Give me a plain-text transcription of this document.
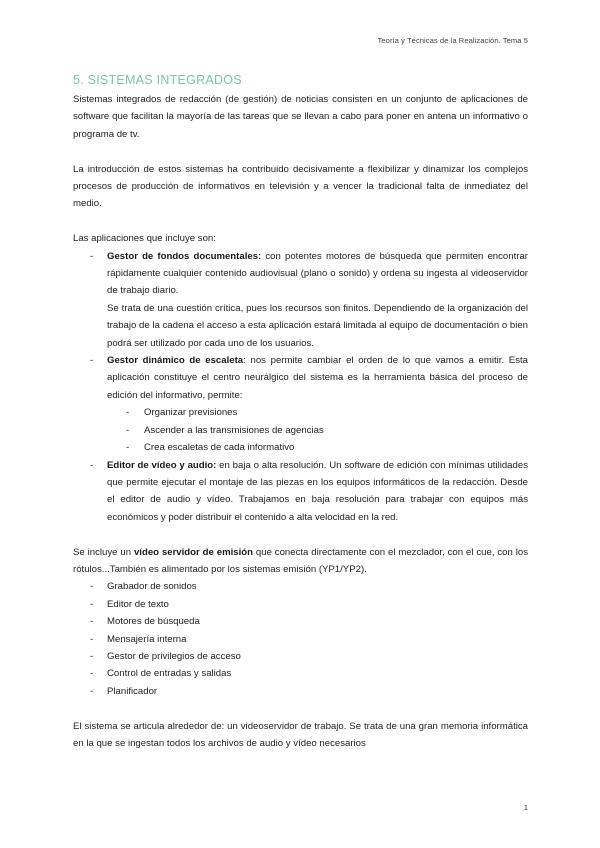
Teoría y Técnicas de la Realización. Tema 5
5. SISTEMAS INTEGRADOS

Sistemas integrados de redacción (de gestión) de noticias consisten en un conjunto de aplicaciones de software que facilitan la mayoría de las tareas que se llevan a cabo para poner en antena un informativo o programa de tv.

La introducción de estos sistemas ha contribuido decisivamente a flexibilizar y dinamizar los complejos procesos de producción de informativos en televisión y a vencer la tradicional falta de inmediatez del medio.

Las aplicaciones que incluye son:

- Gestor de fondos documentales: con potentes motores de búsqueda que permiten encontrar rápidamente cualquier contenido audiovisual (plano o sonido) y ordena su ingesta al videoservidor de trabajo diario.
Se trata de una cuestión crítica, pues los recursos son finitos. Dependiendo de la organización del trabajo de la cadena el acceso a esta aplicación estará limitada al equipo de documentación o bien podrá ser utilizado por cada uno de los usuarios.
- Gestor dinámico de escaleta: nos permite cambiar el orden de lo que vamos a emitir. Esta aplicación constituye el centro neurálgico del sistema es la herramienta básica del proceso de edición del informativo, permite:
- Organizar previsiones
- Ascender a las transmisiones de agencias
- Crea escaletas de cada informativo
- Editor de vídeo y audio: en baja o alta resolución. Un software de edición con mínimas utilidades que permite ejecutar el montaje de las piezas en los equipos informáticos de la redacción. Desde el editor de audio y vídeo. Trabajamos en baja resolución para trabajar con equipos más económicos y poder distribuir el contenido a alta velocidad en la red.

Se incluye un vídeo servidor de emisión que conecta directamente con el mezclador, con el cue, con los rótulos...También es alimentado por los sistemas emisión (YP1/YP2).

- Grabador de sonidos
- Editor de texto
- Motores de búsqueda
- Mensajería interna
- Gestor de privilegios de acceso
- Control de entradas y salidas
- Planificador

El sistema se articula alrededor de: un videoservidor de trabajo. Se trata de una gran memoria informática en la que se ingestan todos los archivos de audio y vídeo necesarios

1
